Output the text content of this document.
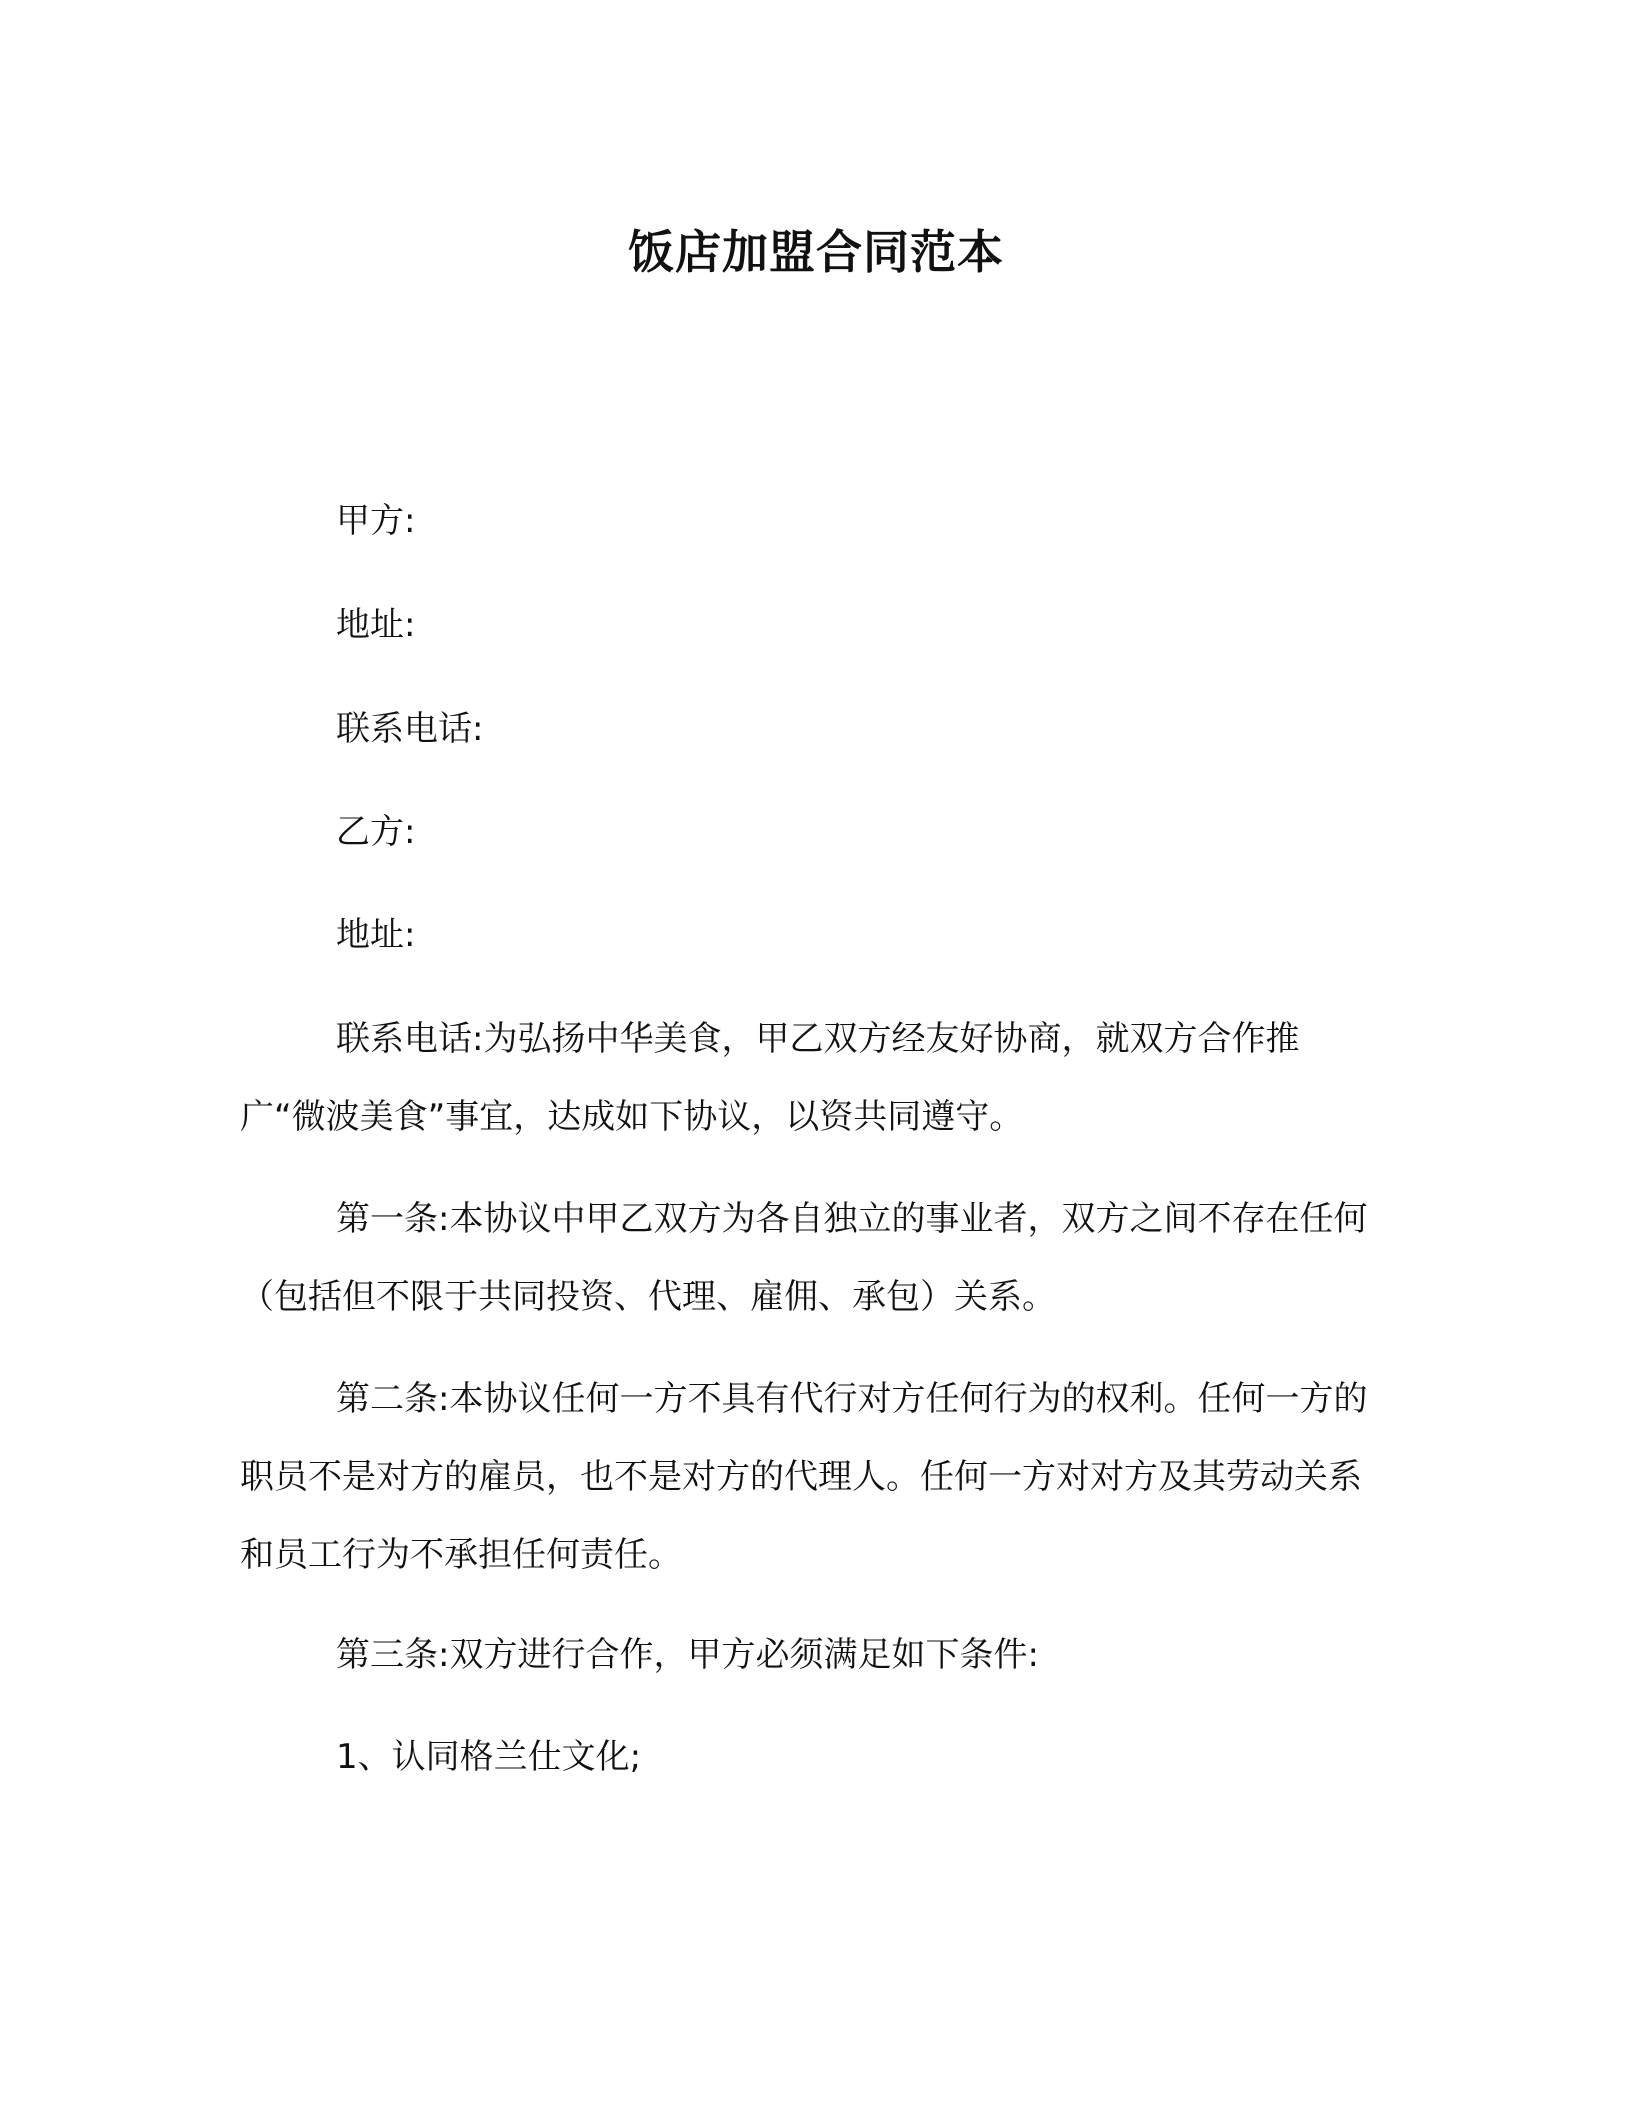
饭店加盟合同范本

甲方:

地址:

联系电话:

乙方:

地址:

联系电话:为弘扬中华美食，甲乙双方经友好协商，就双方合作推广“微波美食”事宜，达成如下协议，以资共同遵守。

第一条:本协议中甲乙双方为各自独立的事业者，双方之间不存在任何（包括但不限于共同投资、代理、雇佣、承包）关系。

第二条:本协议任何一方不具有代行对方任何行为的权利。任何一方的职员不是对方的雇员，也不是对方的代理人。任何一方对对方及其劳动关系和员工行为不承担任何责任。

第三条:双方进行合作，甲方必须满足如下条件:

1、认同格兰仕文化;
